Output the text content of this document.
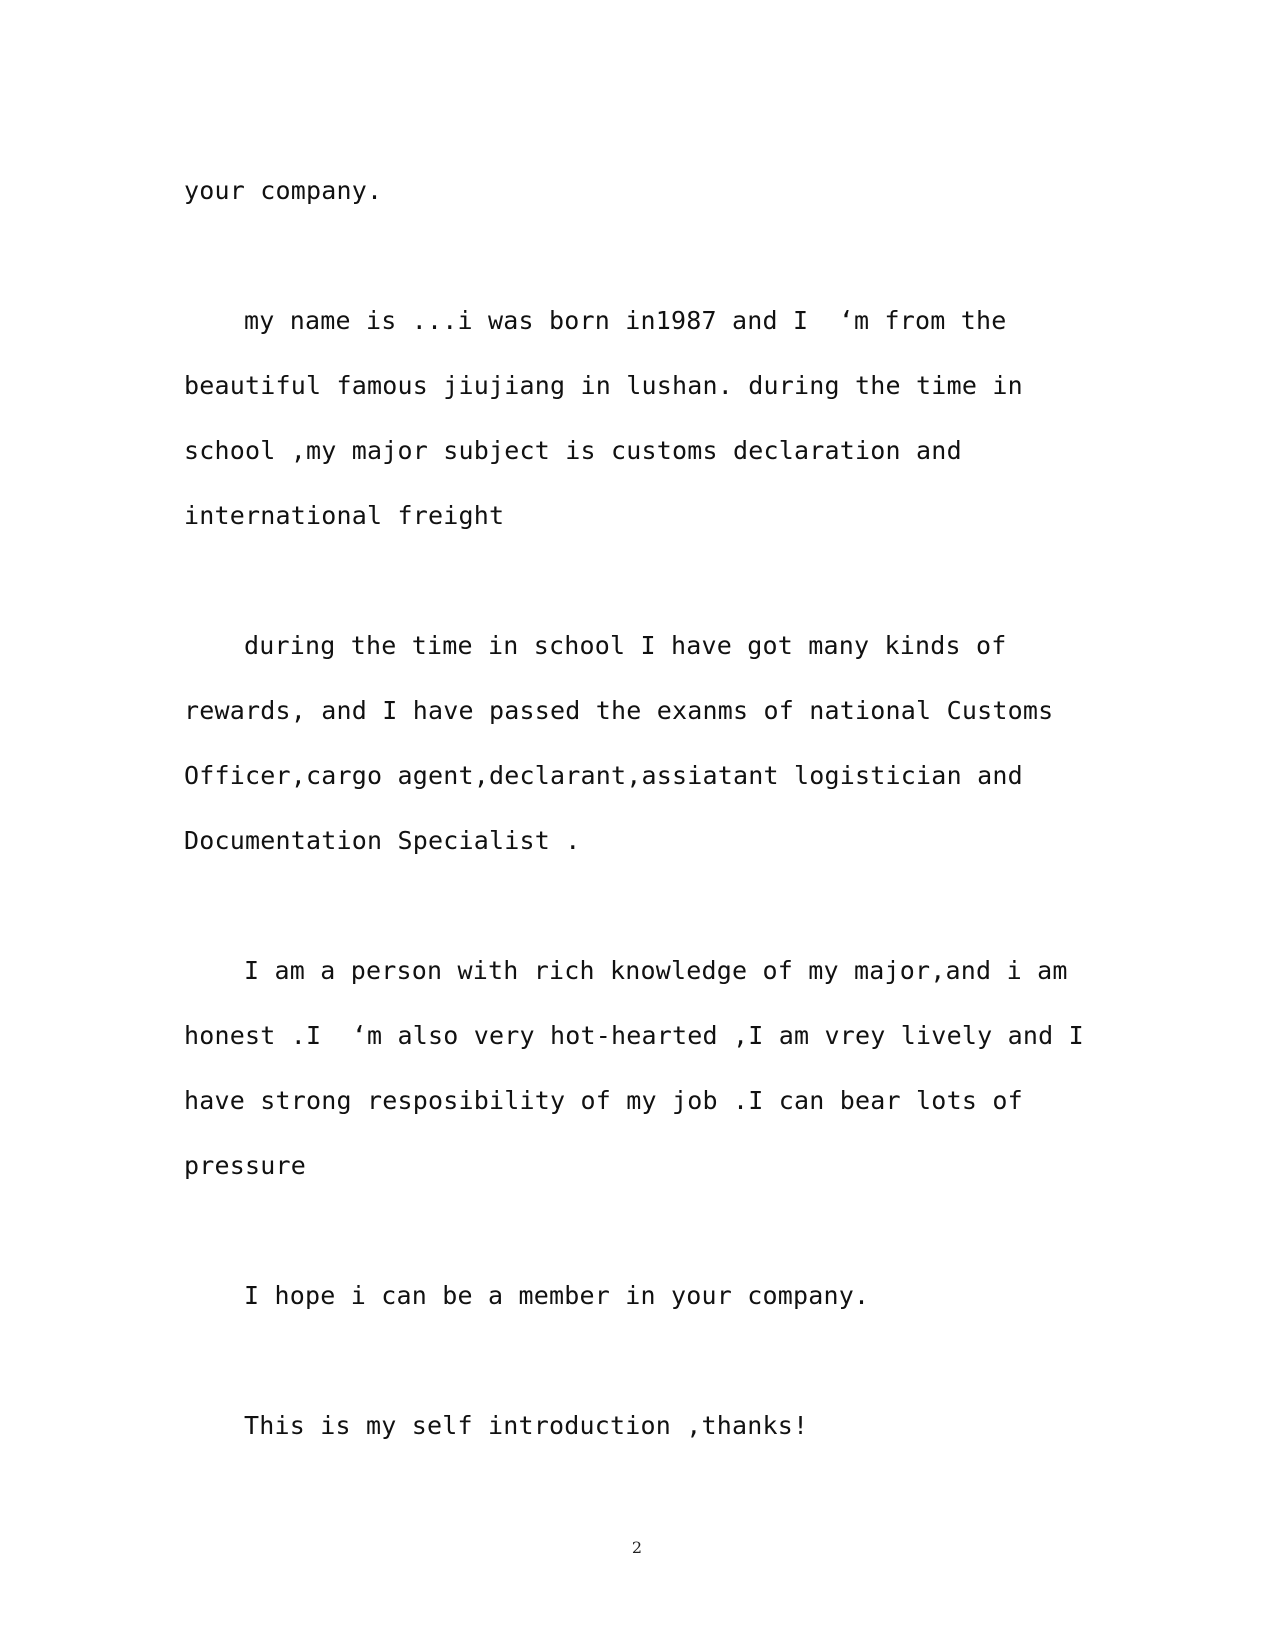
your company.
my name is ...i was born in1987 and I  ‘m from the
beautiful famous jiujiang in lushan. during the time in
school ,my major subject is customs declaration and
international freight
during the time in school I have got many kinds of
rewards, and I have passed the exanms of national Customs
Officer,cargo agent,declarant,assiatant logistician and
Documentation Specialist .
I am a person with rich knowledge of my major,and i am
honest .I  ‘m also very hot-hearted ,I am vrey lively and I
have strong resposibility of my job .I can bear lots of
pressure
I hope i can be a member in your company.
This is my self introduction ,thanks!
2
